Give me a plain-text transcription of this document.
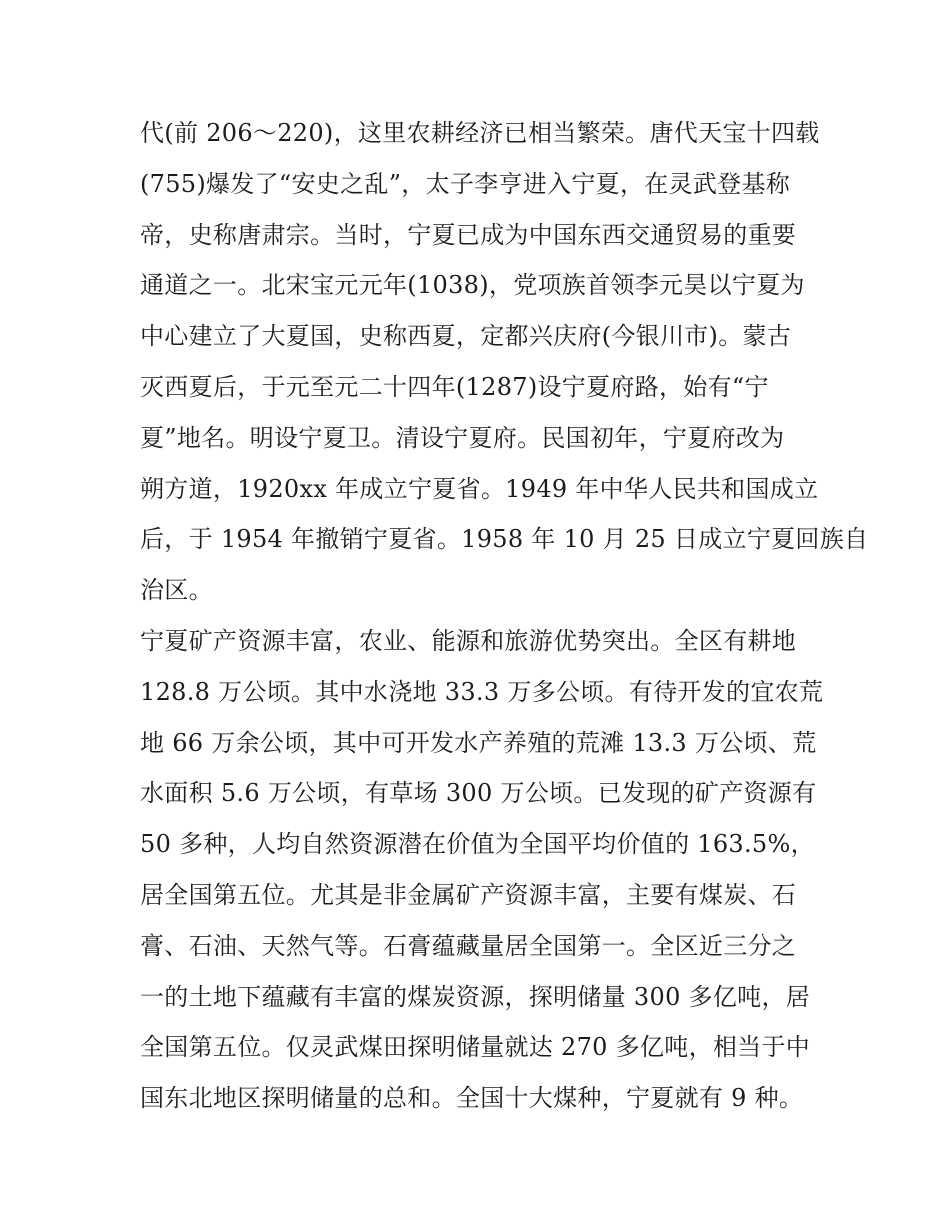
代(前 206～220)，这里农耕经济已相当繁荣。唐代天宝十四载
(755)爆发了“安史之乱”，太子李亨进入宁夏，在灵武登基称
帝，史称唐肃宗。当时，宁夏已成为中国东西交通贸易的重要
通道之一。北宋宝元元年(1038)，党项族首领李元昊以宁夏为
中心建立了大夏国，史称西夏，定都兴庆府(今银川市)。蒙古
灭西夏后，于元至元二十四年(1287)设宁夏府路，始有“宁
夏”地名。明设宁夏卫。清设宁夏府。民国初年，宁夏府改为
朔方道，1920xx 年成立宁夏省。1949 年中华人民共和国成立
后，于 1954 年撤销宁夏省。1958 年 10 月 25 日成立宁夏回族自
治区。
宁夏矿产资源丰富，农业、能源和旅游优势突出。全区有耕地
128.8 万公顷。其中水浇地 33.3 万多公顷。有待开发的宜农荒
地 66 万余公顷，其中可开发水产养殖的荒滩 13.3 万公顷、荒
水面积 5.6 万公顷，有草场 300 万公顷。已发现的矿产资源有
50 多种，人均自然资源潜在价值为全国平均价值的 163.5%，
居全国第五位。尤其是非金属矿产资源丰富，主要有煤炭、石
膏、石油、天然气等。石膏蕴藏量居全国第一。全区近三分之
一的土地下蕴藏有丰富的煤炭资源，探明储量 300 多亿吨，居
全国第五位。仅灵武煤田探明储量就达 270 多亿吨，相当于中
国东北地区探明储量的总和。全国十大煤种，宁夏就有 9 种。
